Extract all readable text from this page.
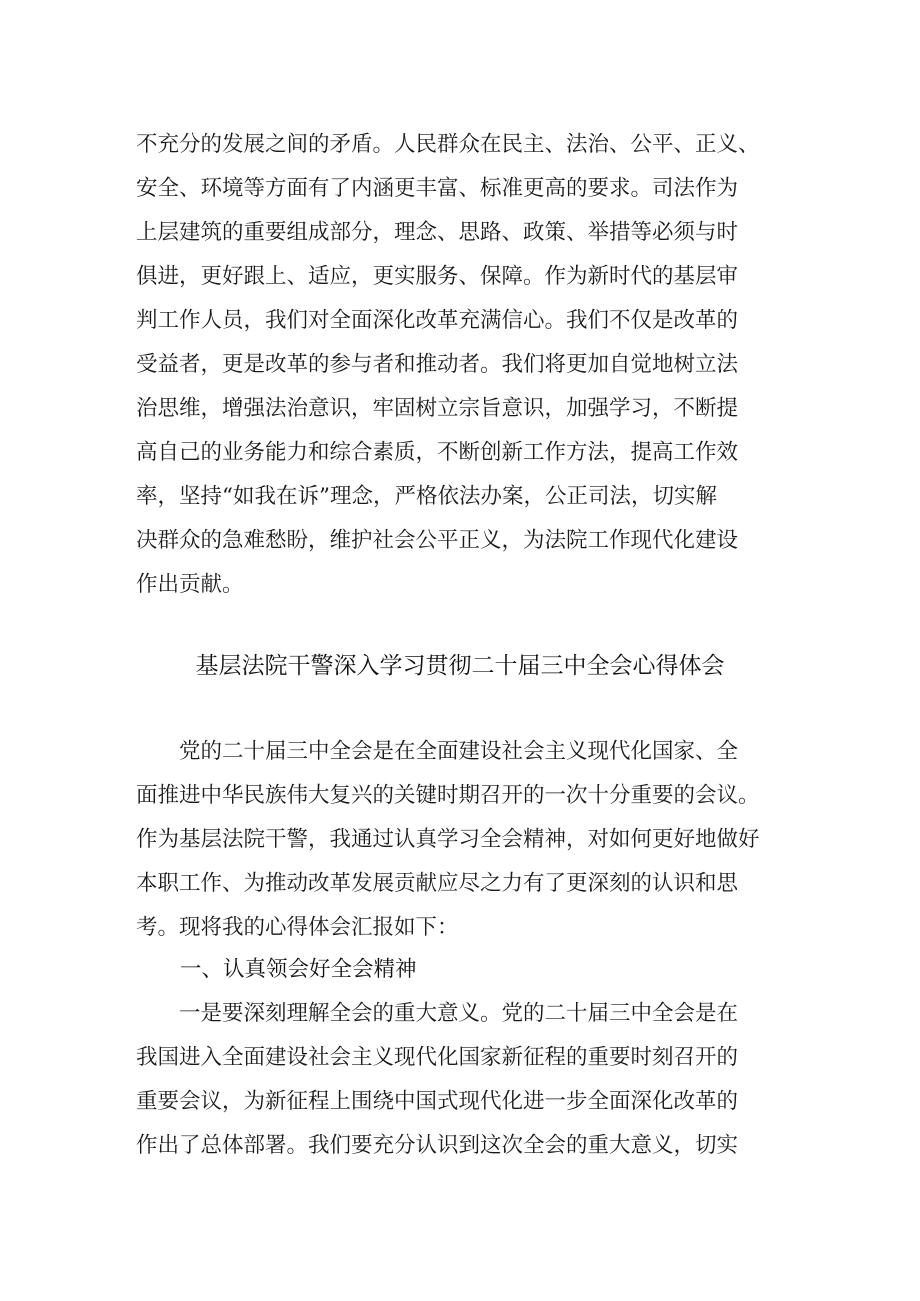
不充分的发展之间的矛盾。人民群众在民主、法治、公平、正义、
安全、环境等方面有了内涵更丰富、标准更高的要求。司法作为
上层建筑的重要组成部分，理念、思路、政策、举措等必须与时
俱进，更好跟上、适应，更实服务、保障。作为新时代的基层审
判工作人员，我们对全面深化改革充满信心。我们不仅是改革的
受益者，更是改革的参与者和推动者。我们将更加自觉地树立法
治思维，增强法治意识，牢固树立宗旨意识，加强学习，不断提
高自己的业务能力和综合素质，不断创新工作方法，提高工作效
率，坚持“如我在诉”理念，严格依法办案，公正司法，切实解
决群众的急难愁盼，维护社会公平正义，为法院工作现代化建设
作出贡献。
基层法院干警深入学习贯彻二十届三中全会心得体会
　　党的二十届三中全会是在全面建设社会主义现代化国家、全
面推进中华民族伟大复兴的关键时期召开的一次十分重要的会议。
作为基层法院干警，我通过认真学习全会精神，对如何更好地做好
本职工作、为推动改革发展贡献应尽之力有了更深刻的认识和思
考。现将我的心得体会汇报如下：
一、认真领会好全会精神
　　一是要深刻理解全会的重大意义。党的二十届三中全会是在
我国进入全面建设社会主义现代化国家新征程的重要时刻召开的
重要会议，为新征程上围绕中国式现代化进一步全面深化改革的
作出了总体部署。我们要充分认识到这次全会的重大意义，切实
